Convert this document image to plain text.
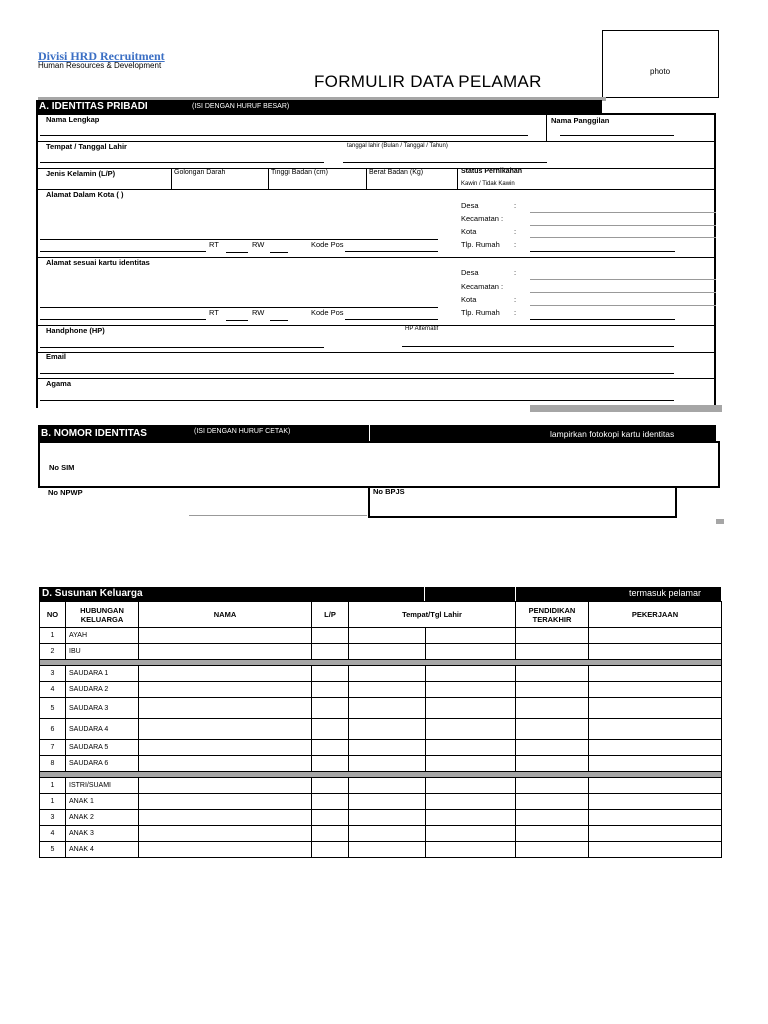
Divisi HRD Recruitment
Human Resources & Development
FORMULIR DATA PELAMAR
photo
A. IDENTITAS PRIBADI	(ISI DENGAN HURUF BESAR)
Nama Lengkap	Nama Panggilan
Tempat / Tanggal Lahir	tanggal lahir (Bulan / Tanggal / Tahun)
Jenis Kelamin (L/P)	Golongan Darah	Tinggi Badan (cm)	Berat Badan (Kg)	Status Pernikahan
Kawin / Tidak Kawin
Alamat Dalam Kota ( )
Desa	:
Kecamatan :
Kota	:
RT	RW	Kode Pos	Tlp. Rumah :
Alamat sesuai kartu identitas
Desa	:
Kecamatan :
Kota	:
RT	RW	Kode Pos	Tlp. Rumah :
Handphone (HP)	HP Alternatif
Email
Agama
B. NOMOR IDENTITAS	(ISI DENGAN HURUF CETAK)	lampirkan fotokopi kartu identitas
No SIM
No NPWP	No BPJS
D. Susunan Keluarga	termasuk pelamar
NO	HUBUNGAN KELUARGA	NAMA	L/P	Tempat/Tgl Lahir		PENDIDIKAN TERAKHIR	PEKERJAAN
1	AYAH						
2	IBU						

3	SAUDARA 1						
4	SAUDARA 2						
5	SAUDARA 3						
6	SAUDARA 4						
7	SAUDARA 5						
8	SAUDARA 6						

1	ISTRI/SUAMI						
1	ANAK 1						
3	ANAK 2						
4	ANAK 3						
5	ANAK 4						
